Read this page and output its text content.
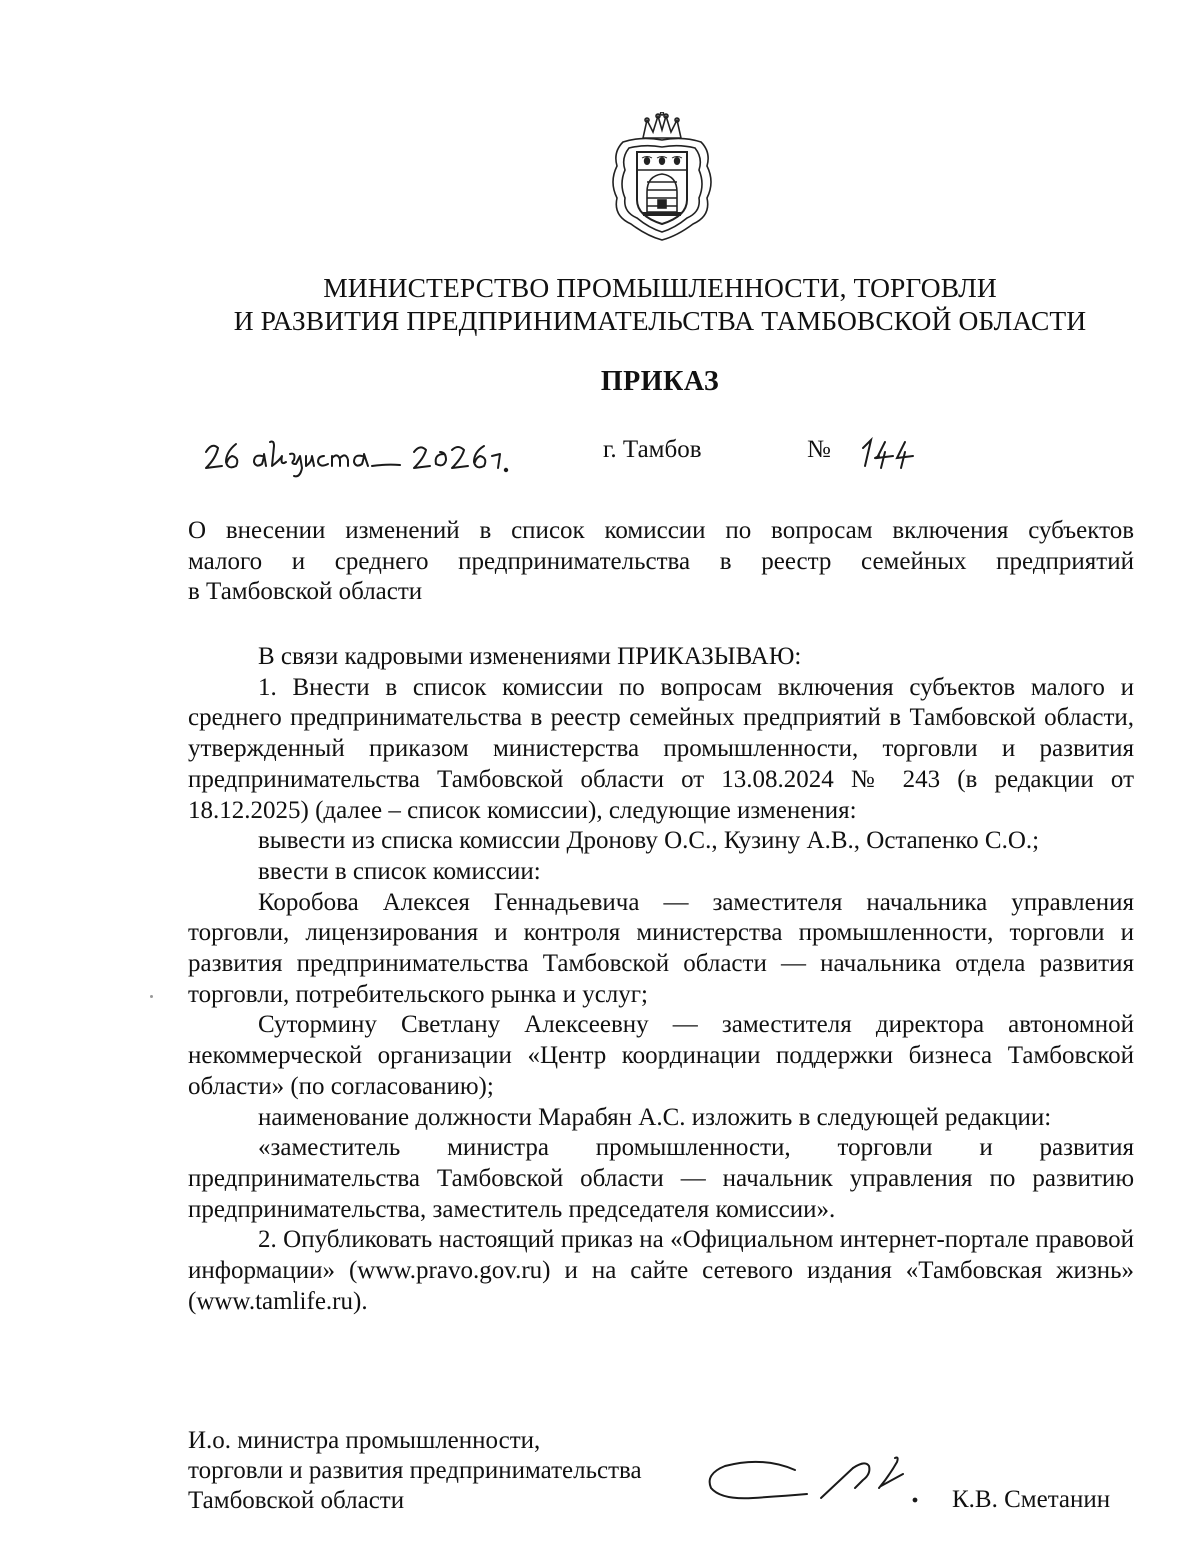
МИНИСТЕРСТВО ПРОМЫШЛЕННОСТИ, ТОРГОВЛИ
И РАЗВИТИЯ ПРЕДПРИНИМАТЕЛЬСТВА ТАМБОВСКОЙ ОБЛАСТИ
ПРИКАЗ
г. Тамбов	№
О внесении изменений в список комиссии по вопросам включения субъектов
малого и среднего предпринимательства в реестр семейных предприятий
в Тамбовской области

В связи кадровыми изменениями ПРИКАЗЫВАЮ:

1. Внести в список комиссии по вопросам включения субъектов малого и среднего предпринимательства в реестр семейных предприятий в Тамбовской области, утвержденный приказом министерства промышленности, торговли и развития предпринимательства Тамбовской области от 13.08.2024 № 243 (в редакции от 18.12.2025) (далее – список комиссии), следующие изменения:

вывести из списка комиссии Дронову О.С., Кузину А.В., Остапенко С.О.;

ввести в список комиссии:

Коробова Алексея Геннадьевича — заместителя начальника управления торговли, лицензирования и контроля министерства промышленности, торговли и развития предпринимательства Тамбовской области — начальника отдела развития торговли, потребительского рынка и услуг;

Сутормину Светлану Алексеевну — заместителя директора автономной некоммерческой организации «Центр координации поддержки бизнеса Тамбовской области» (по согласованию);

наименование должности Марабян А.С. изложить в следующей редакции:

«заместитель министра промышленности, торговли и развития предпринимательства Тамбовской области — начальник управления по развитию предпринимательства, заместитель председателя комиссии».

2. Опубликовать настоящий приказ на «Официальном интернет-портале правовой информации» (www.pravo.gov.ru) и на сайте сетевого издания «Тамбовская жизнь» (www.tamlife.ru).

И.о. министра промышленности,
торговли и развития предпринимательства
Тамбовской области	К.В. Сметанин
